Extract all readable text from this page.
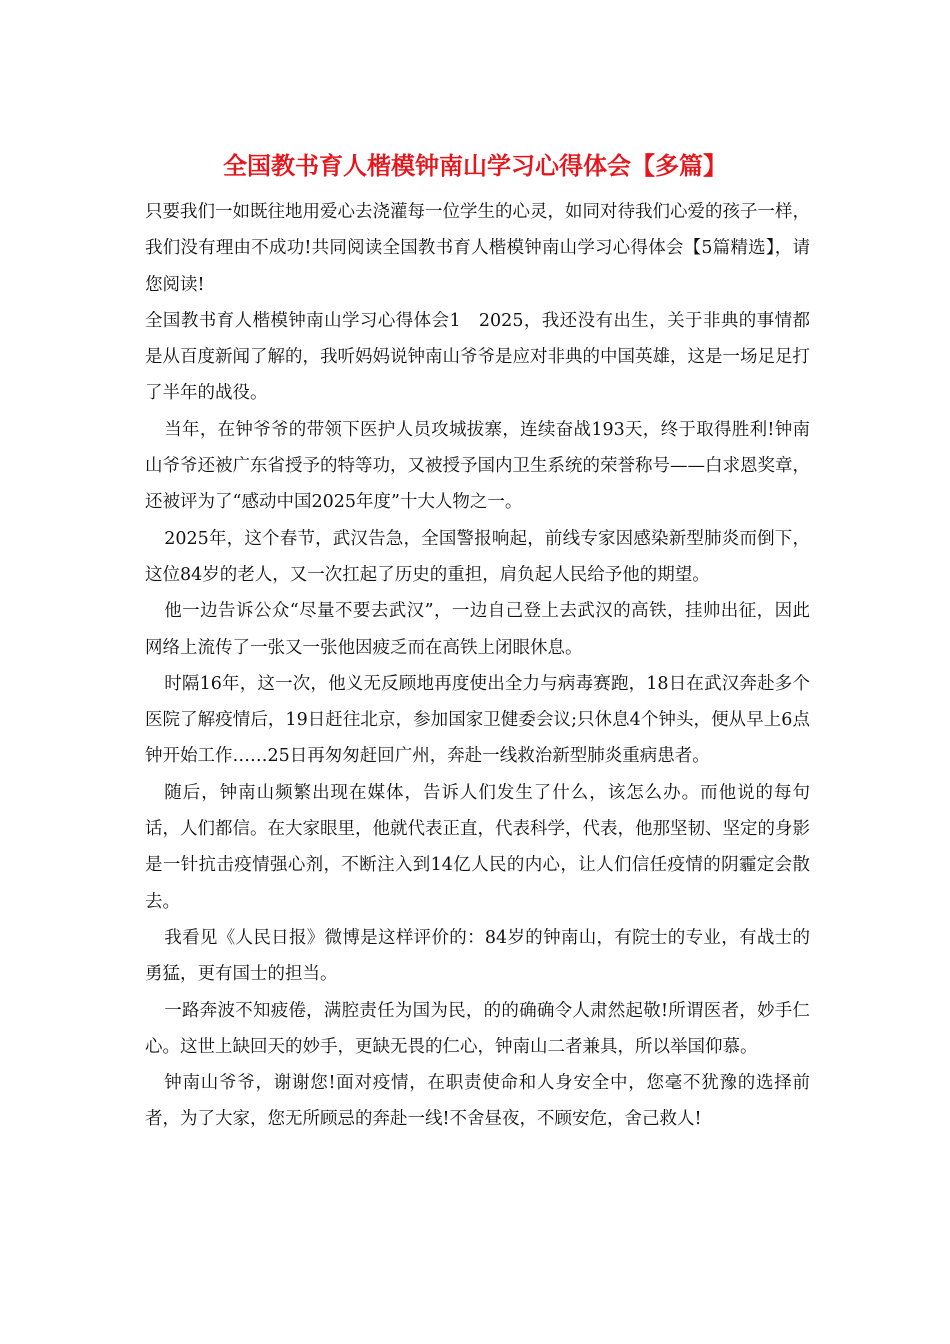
全国教书育人楷模钟南山学习心得体会【多篇】

只要我们一如既往地用爱心去浇灌每一位学生的心灵，如同对待我们心爱的孩子一样，我们没有理由不成功!共同阅读全国教书育人楷模钟南山学习心得体会【5篇精选】，请您阅读!

全国教书育人楷模钟南山学习心得体会1　2025，我还没有出生，关于非典的事情都是从百度新闻了解的，我听妈妈说钟南山爷爷是应对非典的中国英雄，这是一场足足打了半年的战役。

当年，在钟爷爷的带领下医护人员攻城拔寨，连续奋战193天，终于取得胜利!钟南山爷爷还被广东省授予的特等功，又被授予国内卫生系统的荣誉称号——白求恩奖章，还被评为了“感动中国2025年度”十大人物之一。

2025年，这个春节，武汉告急，全国警报响起，前线专家因感染新型肺炎而倒下，这位84岁的老人，又一次扛起了历史的重担，肩负起人民给予他的期望。

他一边告诉公众“尽量不要去武汉”，一边自己登上去武汉的高铁，挂帅出征，因此网络上流传了一张又一张他因疲乏而在高铁上闭眼休息。

时隔16年，这一次，他义无反顾地再度使出全力与病毒赛跑，18日在武汉奔赴多个医院了解疫情后，19日赶往北京，参加国家卫健委会议;只休息4个钟头，便从早上6点钟开始工作……25日再匆匆赶回广州，奔赴一线救治新型肺炎重病患者。

随后，钟南山频繁出现在媒体，告诉人们发生了什么，该怎么办。而他说的每句话，人们都信。在大家眼里，他就代表正直，代表科学，代表，他那坚韧、坚定的身影是一针抗击疫情强心剂，不断注入到14亿人民的内心，让人们信任疫情的阴霾定会散去。

我看见《人民日报》微博是这样评价的：84岁的钟南山，有院士的专业，有战士的勇猛，更有国士的担当。

一路奔波不知疲倦，满腔责任为国为民，的的确确令人肃然起敬!所谓医者，妙手仁心。这世上缺回天的妙手，更缺无畏的仁心，钟南山二者兼具，所以举国仰慕。

钟南山爷爷，谢谢您!面对疫情，在职责使命和人身安全中，您毫不犹豫的选择前者，为了大家，您无所顾忌的奔赴一线!不舍昼夜，不顾安危，舍己救人!
